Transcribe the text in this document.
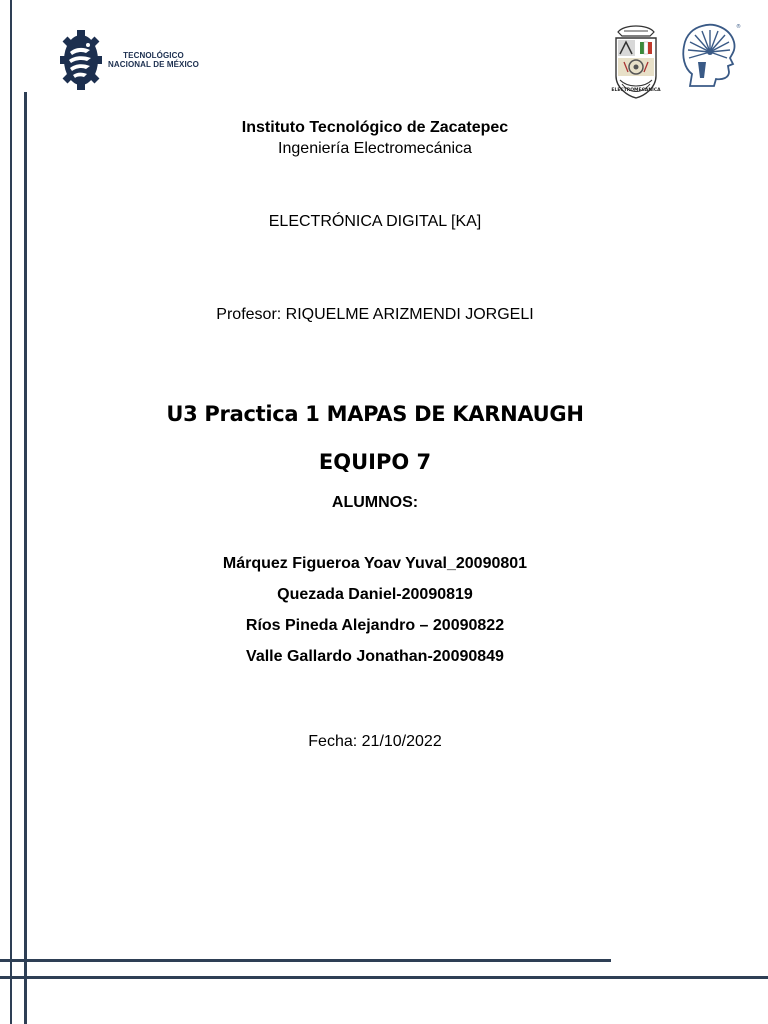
TECNOLÓGICO
NACIONAL DE MÉXICO
ELECTROMECÁNICA
®
Instituto Tecnológico de Zacatepec
Ingeniería Electromecánica
ELECTRÓNICA DIGITAL [KA]
Profesor: RIQUELME ARIZMENDI JORGELI
U3 Practica 1 MAPAS DE KARNAUGH
EQUIPO 7
ALUMNOS:
Márquez Figueroa Yoav Yuval_20090801
Quezada Daniel-20090819
Ríos Pineda Alejandro – 20090822
Valle Gallardo Jonathan-20090849
Fecha: 21/10/2022
